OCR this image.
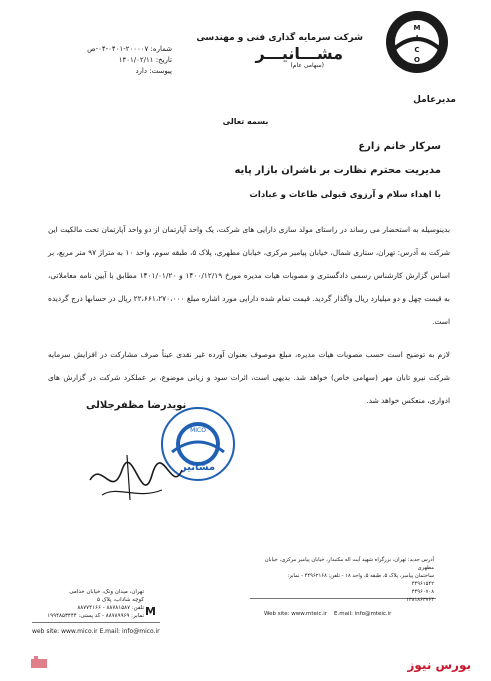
M
I
C
O
شرکت سرمایه گذاری فنی و مهندسی
مشـــانیـــر
(سهامی عام)
شماره: ۲۰۰۰۰۷-۰۴۰۱-۰۴-ص
تاریخ: ۱۴۰۱/۰۲/۱۱
پیوست: دارد
مدیرعامل
بسمه تعالی
سرکار خانم زارع
مدیریت محترم نظارت بر ناشران بازار پایه
با اهداء سلام و آرزوی قبولی طاعات و عبادات
بدینوسیله به استحضار می رساند در راستای مولد سازی دارایی های شرکت، یک واحد آپارتمان از دو واحد آپارتمان تحت مالکیت این شرکت به آدرس: تهران، ستاری شمال، خیابان پیامبر مرکزی، خیابان مطهری، پلاک ۵، طبقه سوم، واحد ۱۰ به متراژ ۹۷ متر مربع، بر اساس گزارش کارشناس رسمی دادگستری و مصوبات هیات مدیره مورخ ۱۴۰۰/۱۲/۱۹ و ۱۴۰۱/۰۱/۲۰ مطابق با آیین نامه معاملاتی، به قیمت چهل و دو میلیارد ریال واگذار گردید. قیمت تمام شده دارایی مورد اشاره مبلغ ۲۲،۶۶۱،۲۷۰،۰۰۰ ریال در حسابها درج گردیده است.
لازم به توضیح است حسب مصوبات هیات مدیره، مبلغ موصوف بعنوان آورده غیر نقدی عیناً صرف مشارکت در افزایش سرمایه شرکت نیرو تابان مهر (سهامی خاص) خواهد شد. بدیهی است، اثرات سود و زیانی موضوع، بر عملکرد شرکت در گزارش های ادواری، منعکس خواهد شد.
MICO
مشانیر
نویدرضا مظفرجلالی
آدرس جدید: تهران، بزرگراه شهید آیت اله مکتبدار، خیابان پیامبر مرکزی، خیابان مطهری
ساختمان پیامبر، پلاک ۵، طبقه ۵، واحد ۱۸ - تلفن: ۴۴۹۶۲۱۶۸ - نمابر: ۴۴۹۶۱۵۴۲
۴۴۹۶۰۷۰۸
۱۳۸۱۸۶۳۷۶۴
Web site: www.mteic.ir E.mail: info@mteic.ir
تهران، میدان ونک، خیابان خدامی
کوچه شاداب، پلاک ۵
تلفن: ۸۸۷۸۱۵۸۷ - ۸۸۷۷۴۱۶۶
نمابر: ۸۸۷۸۹۹۶۹ - کد پستی: ۱۹۹۴۸۵۳۴۴۴ M
web site: www.mico.ir E.mail: info@mico.ir
بورس نیوز
